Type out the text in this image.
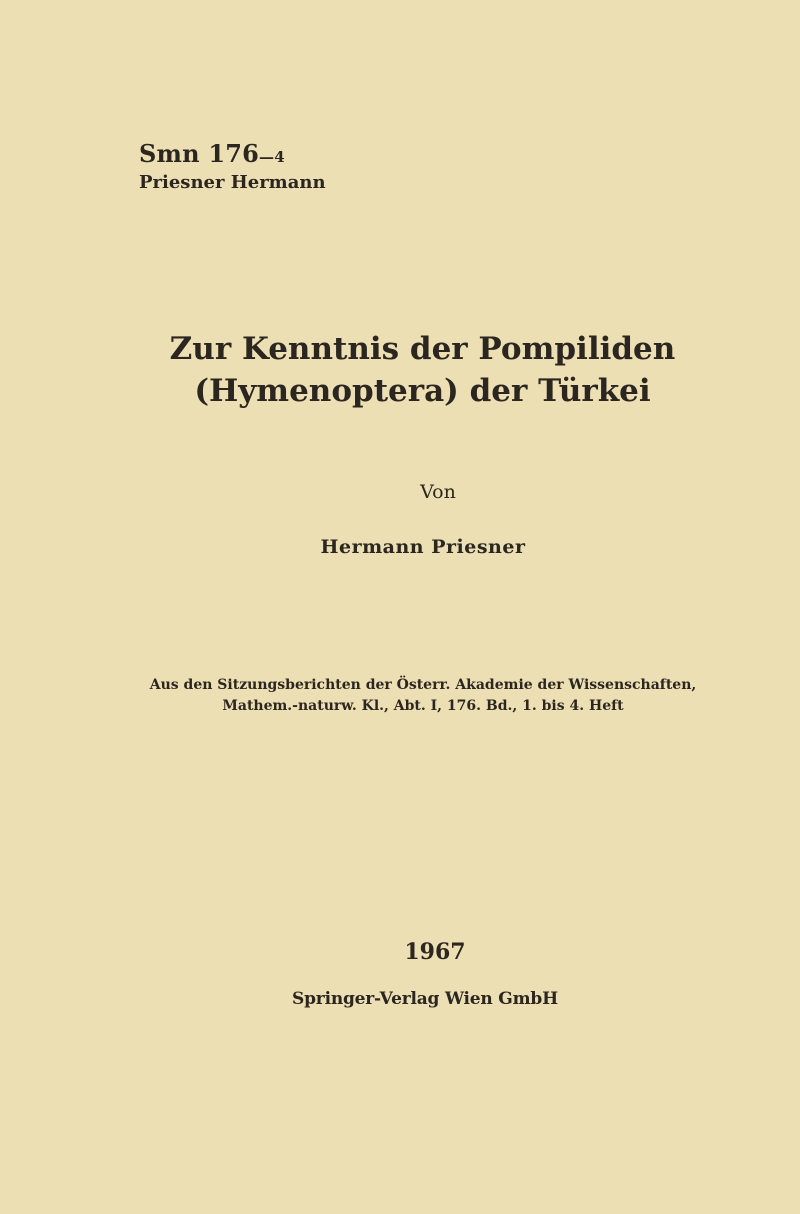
Smn 176—4
Priesner Hermann
Zur Kenntnis der Pompiliden
(Hymenoptera) der Türkei
Von
Hermann Priesner
Aus den Sitzungsberichten der Österr. Akademie der Wissenschaften,
Mathem.-naturw. Kl., Abt. I, 176. Bd., 1. bis 4. Heft
1967
Springer-Verlag Wien GmbH
